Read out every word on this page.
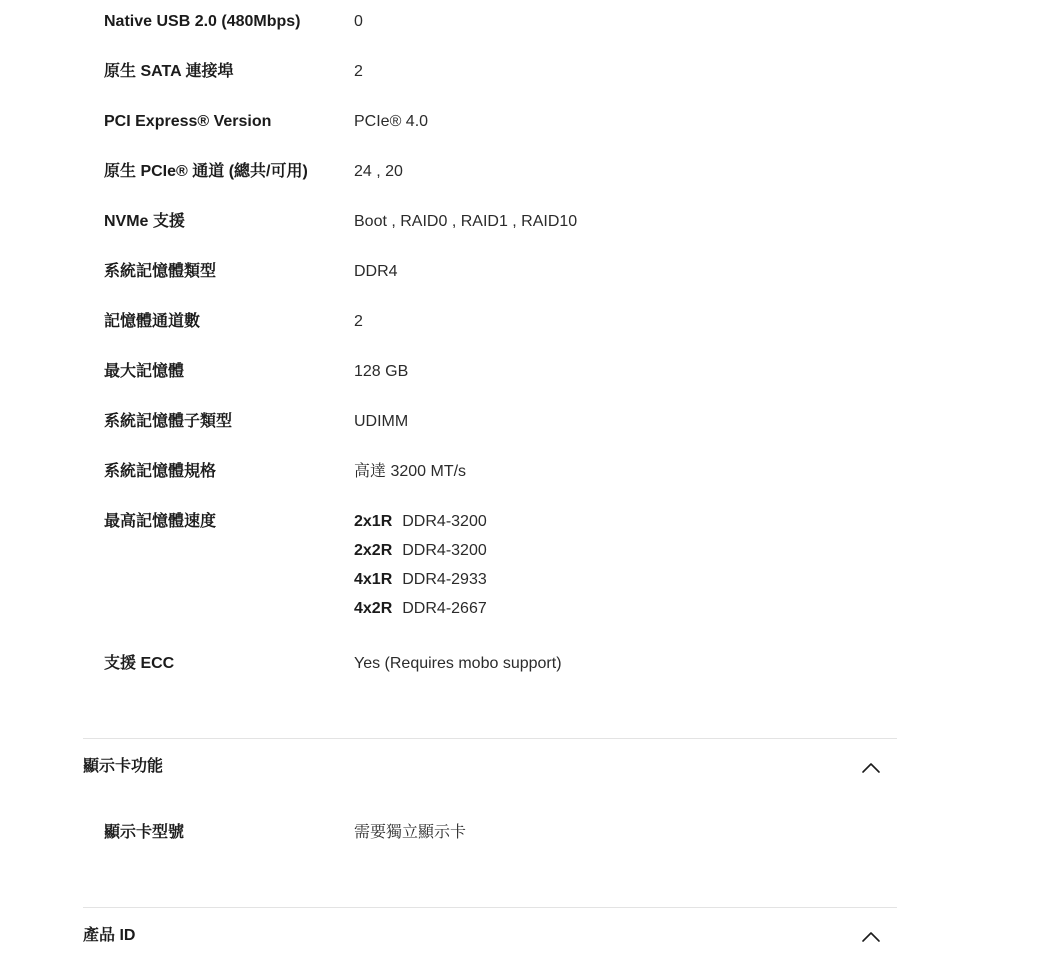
Native USB 2.0 (480Mbps)	0
原生 SATA 連接埠	2
PCI Express® Version	PCIe® 4.0
原生 PCIe® 通道 (總共/可用)	24 , 20
NVMe 支援	Boot , RAID0 , RAID1 , RAID10
系統記憶體類型	DDR4
記憶體通道數	2
最大記憶體	128 GB
系統記憶體子類型	UDIMM
系統記憶體規格	高達 3200 MT/s
最高記憶體速度	2x1R DDR4-3200
2x2R DDR4-3200
4x1R DDR4-2933
4x2R DDR4-2667
支援 ECC	Yes (Requires mobo support)
顯示卡功能
顯示卡型號	需要獨立顯示卡
產品 ID
